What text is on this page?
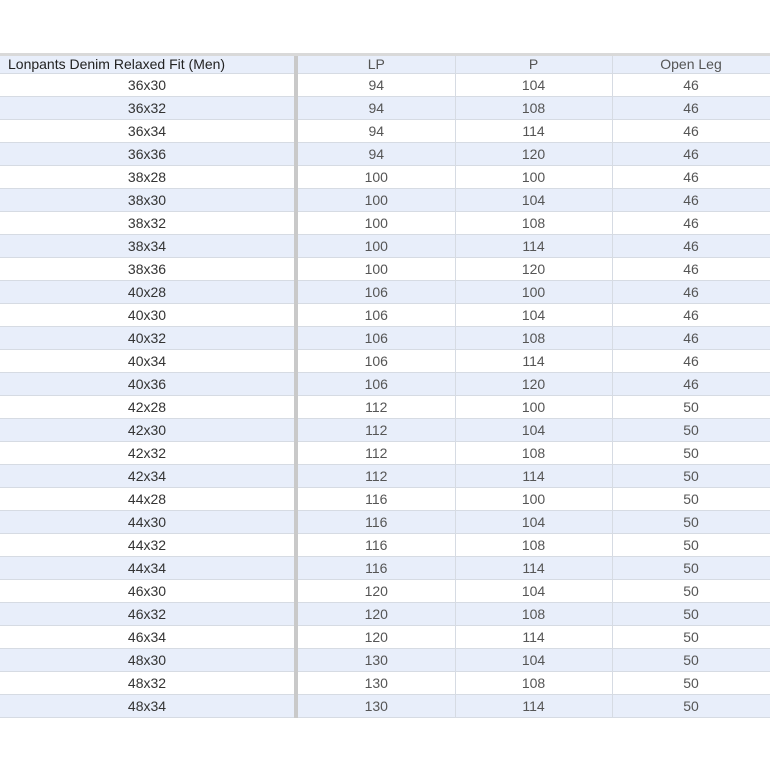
Lonpants Denim Relaxed Fit (Men)	LP	P	Open Leg
36x30	94	104	46
36x32	94	108	46
36x34	94	114	46
36x36	94	120	46
38x28	100	100	46
38x30	100	104	46
38x32	100	108	46
38x34	100	114	46
38x36	100	120	46
40x28	106	100	46
40x30	106	104	46
40x32	106	108	46
40x34	106	114	46
40x36	106	120	46
42x28	112	100	50
42x30	112	104	50
42x32	112	108	50
42x34	112	114	50
44x28	116	100	50
44x30	116	104	50
44x32	116	108	50
44x34	116	114	50
46x30	120	104	50
46x32	120	108	50
46x34	120	114	50
48x30	130	104	50
48x32	130	108	50
48x34	130	114	50
